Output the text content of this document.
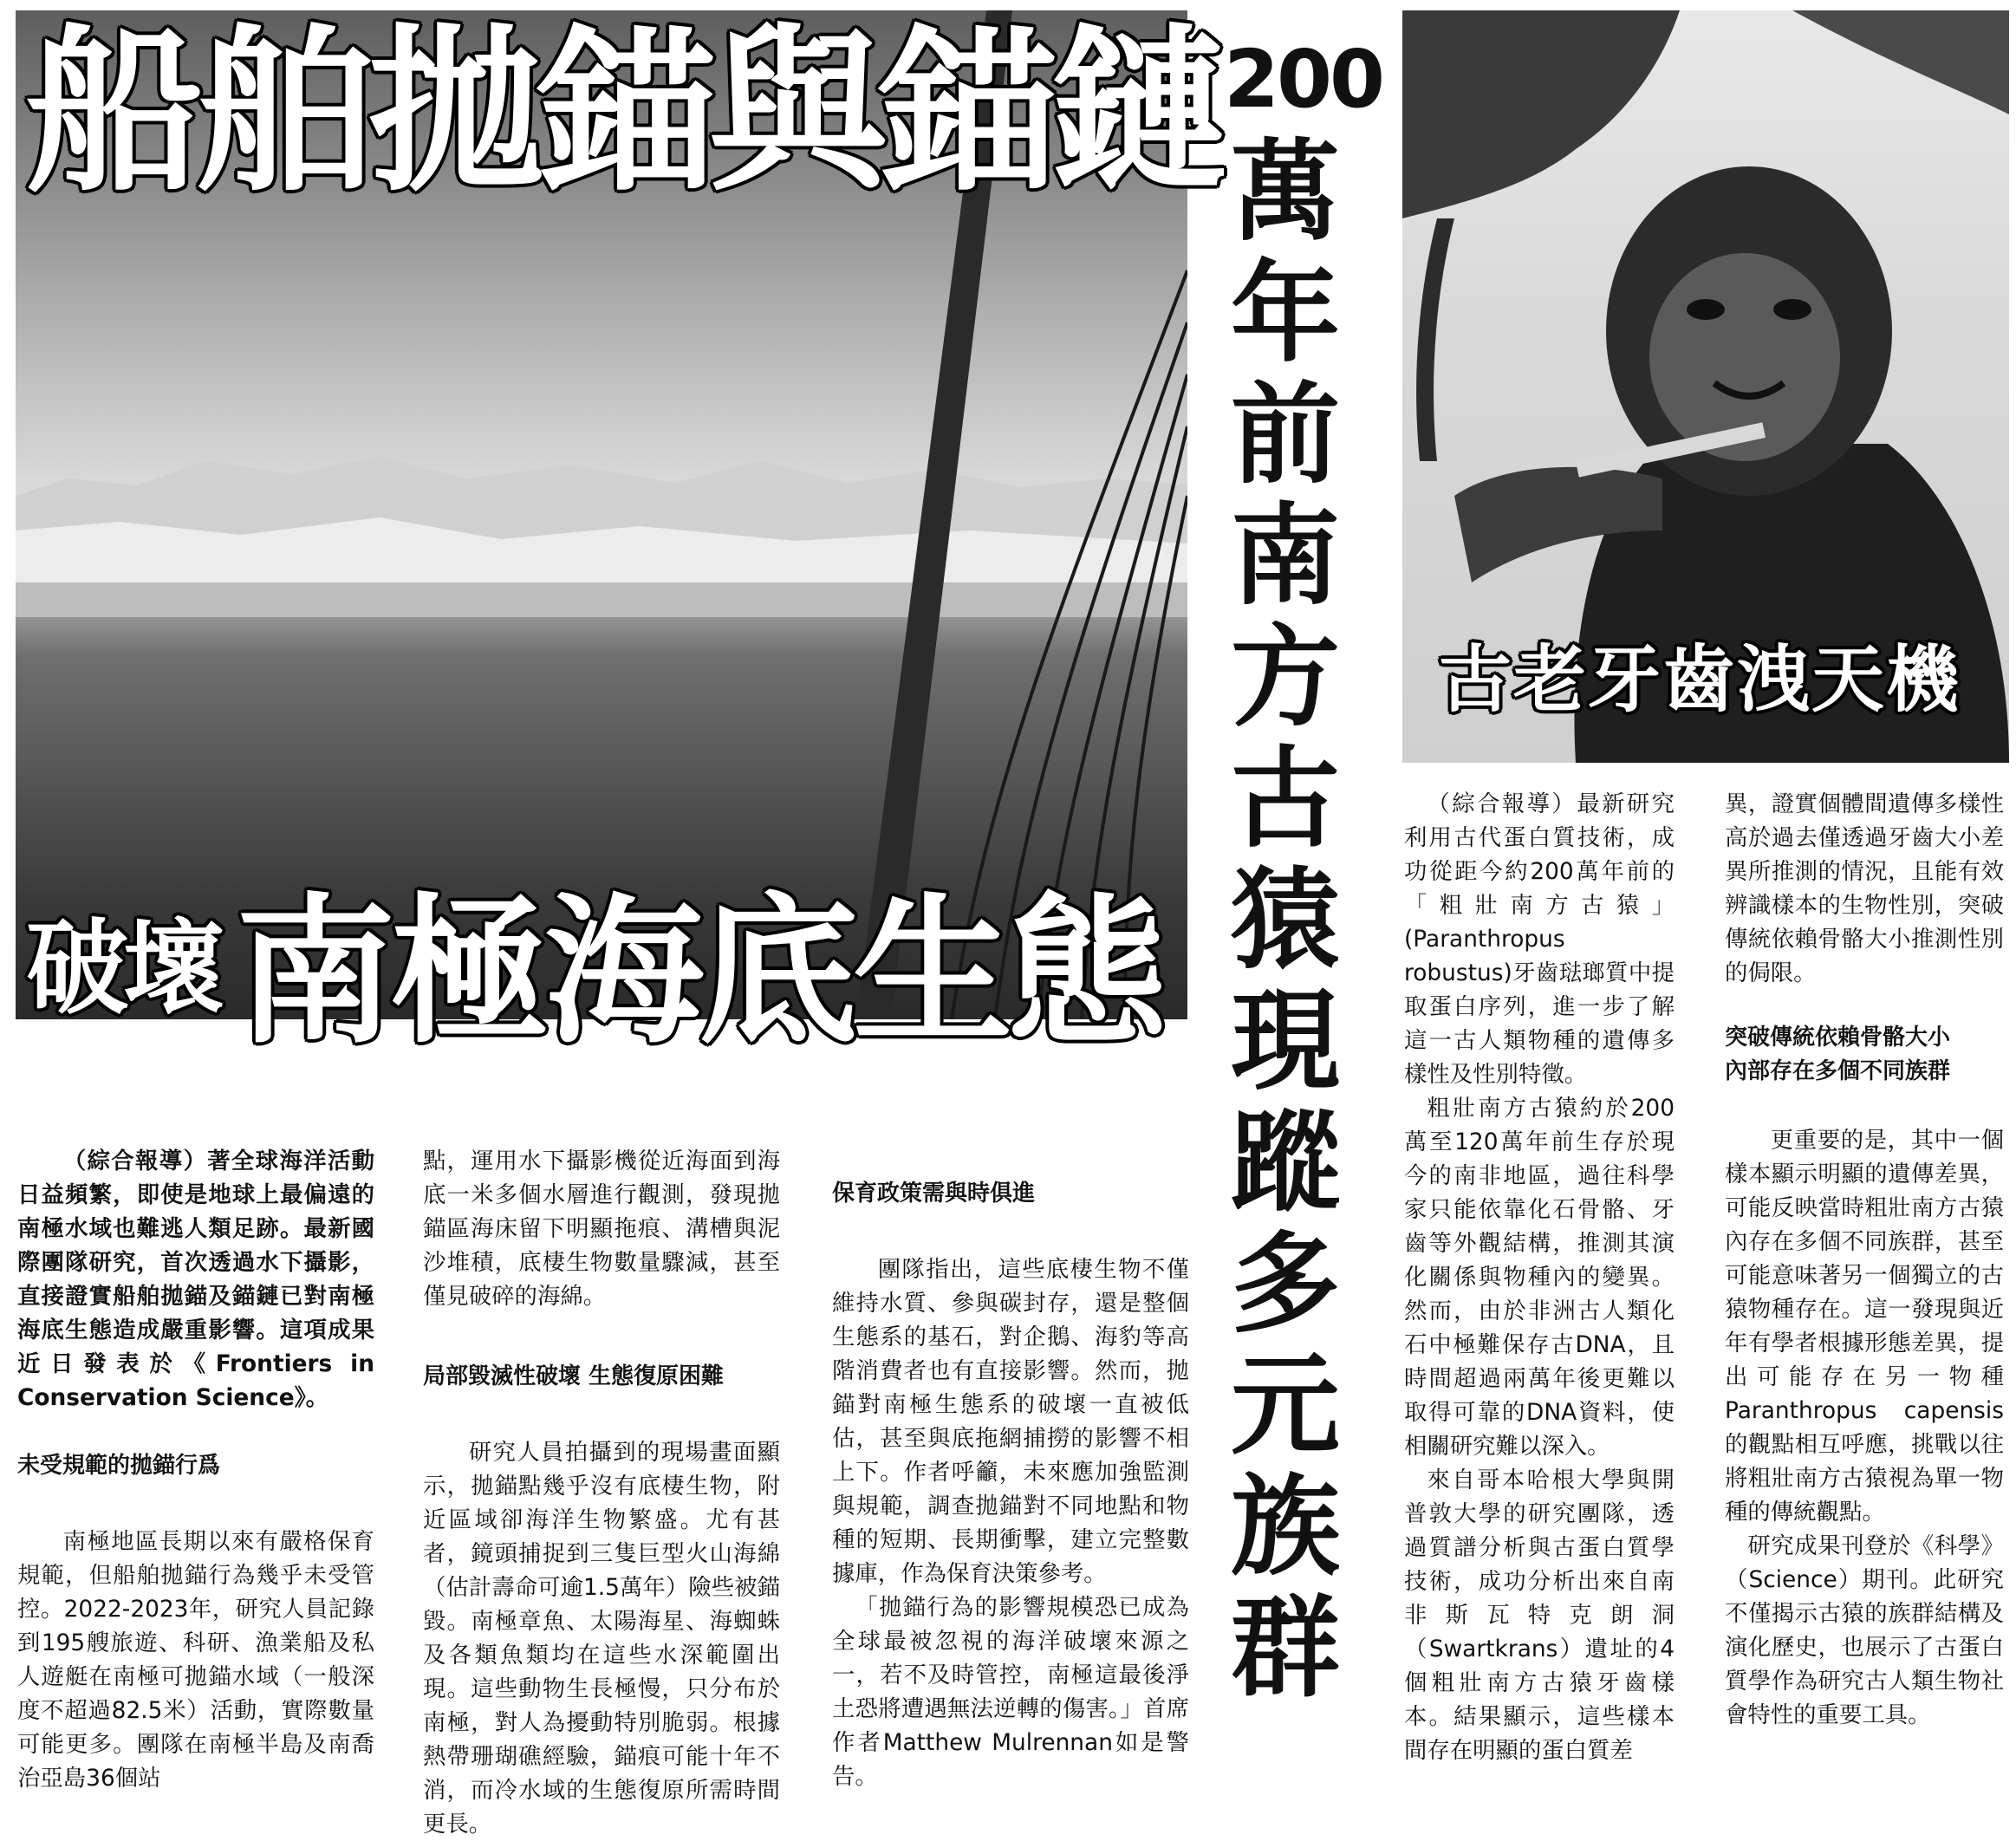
船舶拋錨與錨鏈
破壞 南極海底生態

（綜合報導）著全球海洋活動日益頻繁，即使是地球上最偏遠的南極水域也難逃人類足跡。最新國際團隊研究，首次透過水下攝影，直接證實船舶拋錨及錨鏈已對南極海底生態造成嚴重影響。這項成果近日發表於《Frontiers in Conservation Science》。

未受規範的拋錨行爲

南極地區長期以來有嚴格保育規範，但船舶拋錨行為幾乎未受管控。2022-2023年，研究人員記錄到195艘旅遊、科研、漁業船及私人遊艇在南極可拋錨水域（一般深度不超過82.5米）活動，實際數量可能更多。團隊在南極半島及南喬治亞島36個站

點，運用水下攝影機從近海面到海底一米多個水層進行觀測，發現拋錨區海床留下明顯拖痕、溝槽與泥沙堆積，底棲生物數量驟減，甚至僅見破碎的海綿。

局部毀滅性破壞 生態復原困難

研究人員拍攝到的現場畫面顯示，拋錨點幾乎沒有底棲生物，附近區域卻海洋生物繁盛。尤有甚者，鏡頭捕捉到三隻巨型火山海綿（估計壽命可逾1.5萬年）險些被錨毀。南極章魚、太陽海星、海蜘蛛及各類魚類均在這些水深範圍出現。這些動物生長極慢，只分布於南極，對人為擾動特別脆弱。根據熱帶珊瑚礁經驗，錨痕可能十年不消，而冷水域的生態復原所需時間更長。

保育政策需與時俱進

團隊指出，這些底棲生物不僅維持水質、參與碳封存，還是整個生態系的基石，對企鵝、海豹等高階消費者也有直接影響。然而，拋錨對南極生態系的破壞一直被低估，甚至與底拖網捕撈的影響不相上下。作者呼籲，未來應加強監測與規範，調查拋錨對不同地點和物種的短期、長期衝擊，建立完整數據庫，作為保育決策參考。

「拋錨行為的影響規模恐已成為全球最被忽視的海洋破壞來源之一，若不及時管控，南極這最後淨土恐將遭遇無法逆轉的傷害。」首席作者Matthew Mulrennan如是警告。

200
萬年前南方古猿現蹤多元族群
古老牙齒洩天機

（綜合報導）最新研究利用古代蛋白質技術，成功從距今約200萬年前的「粗壯南方古猿」(Paranthropus robustus)牙齒琺瑯質中提取蛋白序列，進一步了解這一古人類物種的遺傳多樣性及性別特徵。

粗壯南方古猿約於200萬至120萬年前生存於現今的南非地區，過往科學家只能依靠化石骨骼、牙齒等外觀結構，推測其演化關係與物種內的變異。然而，由於非洲古人類化石中極難保存古DNA，且時間超過兩萬年後更難以取得可靠的DNA資料，使相關研究難以深入。

來自哥本哈根大學與開普敦大學的研究團隊，透過質譜分析與古蛋白質學技術，成功分析出來自南非斯瓦特克朗洞（Swartkrans）遺址的4個粗壯南方古猿牙齒樣本。結果顯示，這些樣本間存在明顯的蛋白質差

異，證實個體間遺傳多樣性高於過去僅透過牙齒大小差異所推測的情況，且能有效辨識樣本的生物性別，突破傳統依賴骨骼大小推測性別的侷限。

突破傳統依賴骨骼大小

內部存在多個不同族群

更重要的是，其中一個樣本顯示明顯的遺傳差異，可能反映當時粗壯南方古猿內存在多個不同族群，甚至可能意味著另一個獨立的古猿物種存在。這一發現與近年有學者根據形態差異，提出可能存在另一物種Paranthropus capensis的觀點相互呼應，挑戰以往將粗壯南方古猿視為單一物種的傳統觀點。

研究成果刊登於《科學》（Science）期刊。此研究不僅揭示古猿的族群結構及演化歷史，也展示了古蛋白質學作為研究古人類生物社會特性的重要工具。
